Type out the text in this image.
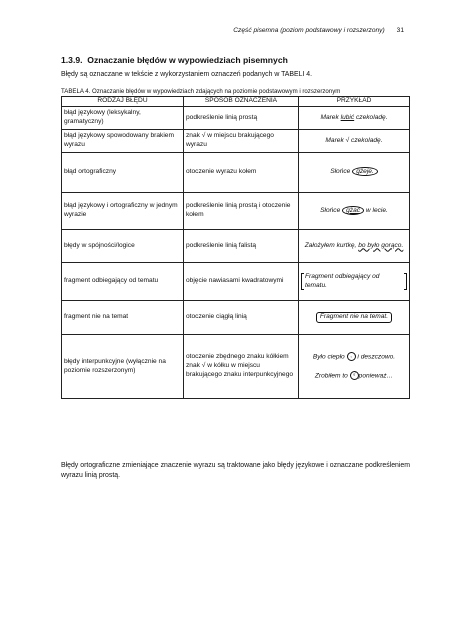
Część pisemna (poziom podstawowy i rozszerzony) 31
1.3.9. Oznaczanie błędów w wypowiedziach pisemnych
Błędy są oznaczane w tekście z wykorzystaniem oznaczeń podanych w TABELI 4.
TABELA 4. Oznaczanie błędów w wypowiedziach zdających na poziomie podstawowym i rozszerzonym
RODZAJ BŁĘDU	SPOSÓB OZNACZENIA	PRZYKŁAD
błąd językowy (leksykalny, gramatyczny)	podkreślenie linią prostą	Marek lubić czekoladę.
błąd językowy spowodowany brakiem wyrazu	znak √ w miejscu brakującego wyrazu	Marek √ czekoladę.
błąd ortograficzny	otoczenie wyrazu kołem	Słońce gżeje.
błąd językowy i ortograficzny w jednym wyrazie	podkreślenie linią prostą i otoczenie kołem	Słońce gżać w lecie.
błędy w spójności/logice	podkreślenie linią falistą	Założyłem kurtkę, bo było gorąco.
fragment odbiegający od tematu	objęcie nawiasami kwadratowymi	Fragment odbiegający od tematu.
fragment nie na temat	otoczenie ciągłą linią	Fragment nie na temat.
błędy interpunkcyjne (wyłącznie na poziomie rozszerzonym)	otoczenie zbędnego znaku kółkiem znak √ w kółku w miejscu brakującego znaku interpunkcyjnego	Było ciepło , i deszczowo.
Zrobiłem to √ ponieważ…
Błędy ortograficzne zmieniające znaczenie wyrazu są traktowane jako błędy językowe i oznaczane podkreśleniem wyrazu linią prostą.
